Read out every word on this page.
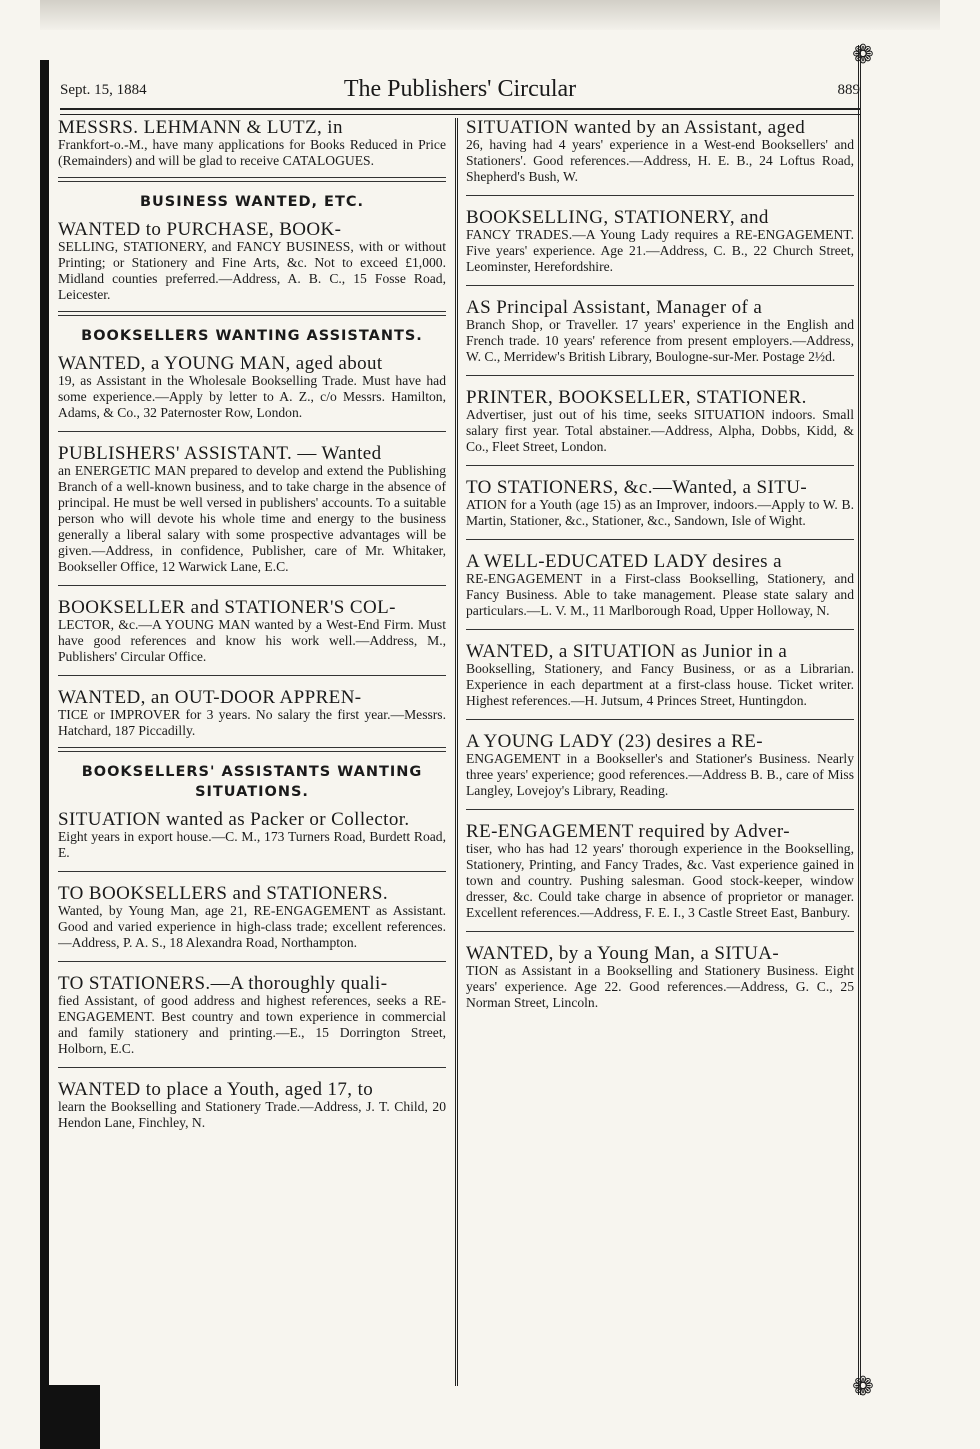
❁
❁
Sept. 15, 1884	The Publishers' Circular	889
MESSRS. LEHMANN & LUTZ, in
Frankfort-o.-M., have many applications for Books Reduced in Price (Remainders) and will be glad to receive CATALOGUES.
BUSINESS WANTED, ETC.
WANTED to PURCHASE, BOOK-
SELLING, STATIONERY, and FANCY BUSINESS, with or without Printing; or Stationery and Fine Arts, &c. Not to exceed £1,000. Midland counties preferred.—Address, A. B. C., 15 Fosse Road, Leicester.
BOOKSELLERS WANTING ASSISTANTS.
WANTED, a YOUNG MAN, aged about
19, as Assistant in the Wholesale Bookselling Trade. Must have had some experience.—Apply by letter to A. Z., c/o Messrs. Hamilton, Adams, & Co., 32 Paternoster Row, London.
PUBLISHERS' ASSISTANT. — Wanted
an ENERGETIC MAN prepared to develop and extend the Publishing Branch of a well-known business, and to take charge in the absence of principal. He must be well versed in publishers' accounts. To a suitable person who will devote his whole time and energy to the business generally a liberal salary with some prospective advantages will be given.—Address, in confidence, Publisher, care of Mr. Whitaker, Bookseller Office, 12 Warwick Lane, E.C.
BOOKSELLER and STATIONER'S COL-
LECTOR, &c.—A YOUNG MAN wanted by a West-End Firm. Must have good references and know his work well.—Address, M., Publishers' Circular Office.
WANTED, an OUT-DOOR APPREN-
TICE or IMPROVER for 3 years. No salary the first year.—Messrs. Hatchard, 187 Piccadilly.
BOOKSELLERS' ASSISTANTS WANTING SITUATIONS.
SITUATION wanted as Packer or Collector.
Eight years in export house.—C. M., 173 Turners Road, Burdett Road, E.
TO BOOKSELLERS and STATIONERS.
Wanted, by Young Man, age 21, RE-ENGAGEMENT as Assistant. Good and varied experience in high-class trade; excellent references.—Address, P. A. S., 18 Alexandra Road, Northampton.
TO STATIONERS.—A thoroughly quali-
fied Assistant, of good address and highest references, seeks a RE-ENGAGEMENT. Best country and town experience in commercial and family stationery and printing.—E., 15 Dorrington Street, Holborn, E.C.
WANTED to place a Youth, aged 17, to
learn the Bookselling and Stationery Trade.—Address, J. T. Child, 20 Hendon Lane, Finchley, N.
SITUATION wanted by an Assistant, aged
26, having had 4 years' experience in a West-end Booksellers' and Stationers'. Good references.—Address, H. E. B., 24 Loftus Road, Shepherd's Bush, W.
BOOKSELLING, STATIONERY, and
FANCY TRADES.—A Young Lady requires a RE-ENGAGEMENT. Five years' experience. Age 21.—Address, C. B., 22 Church Street, Leominster, Herefordshire.
AS Principal Assistant, Manager of a
Branch Shop, or Traveller. 17 years' experience in the English and French trade. 10 years' reference from present employers.—Address, W. C., Merridew's British Library, Boulogne-sur-Mer. Postage 2½d.
PRINTER, BOOKSELLER, STATIONER.
Advertiser, just out of his time, seeks SITUATION indoors. Small salary first year. Total abstainer.—Address, Alpha, Dobbs, Kidd, & Co., Fleet Street, London.
TO STATIONERS, &c.—Wanted, a SITU-
ATION for a Youth (age 15) as an Improver, indoors.—Apply to W. B. Martin, Stationer, &c., Stationer, &c., Sandown, Isle of Wight.
A WELL-EDUCATED LADY desires a
RE-ENGAGEMENT in a First-class Bookselling, Stationery, and Fancy Business. Able to take management. Please state salary and particulars.—L. V. M., 11 Marlborough Road, Upper Holloway, N.
WANTED, a SITUATION as Junior in a
Bookselling, Stationery, and Fancy Business, or as a Librarian. Experience in each department at a first-class house. Ticket writer. Highest references.—H. Jutsum, 4 Princes Street, Huntingdon.
A YOUNG LADY (23) desires a RE-
ENGAGEMENT in a Bookseller's and Stationer's Business. Nearly three years' experience; good references.—Address B. B., care of Miss Langley, Lovejoy's Library, Reading.
RE-ENGAGEMENT required by Adver-
tiser, who has had 12 years' thorough experience in the Bookselling, Stationery, Printing, and Fancy Trades, &c. Vast experience gained in town and country. Pushing salesman. Good stock-keeper, window dresser, &c. Could take charge in absence of proprietor or manager. Excellent references.—Address, F. E. I., 3 Castle Street East, Banbury.
WANTED, by a Young Man, a SITUA-
TION as Assistant in a Bookselling and Stationery Business. Eight years' experience. Age 22. Good references.—Address, G. C., 25 Norman Street, Lincoln.
